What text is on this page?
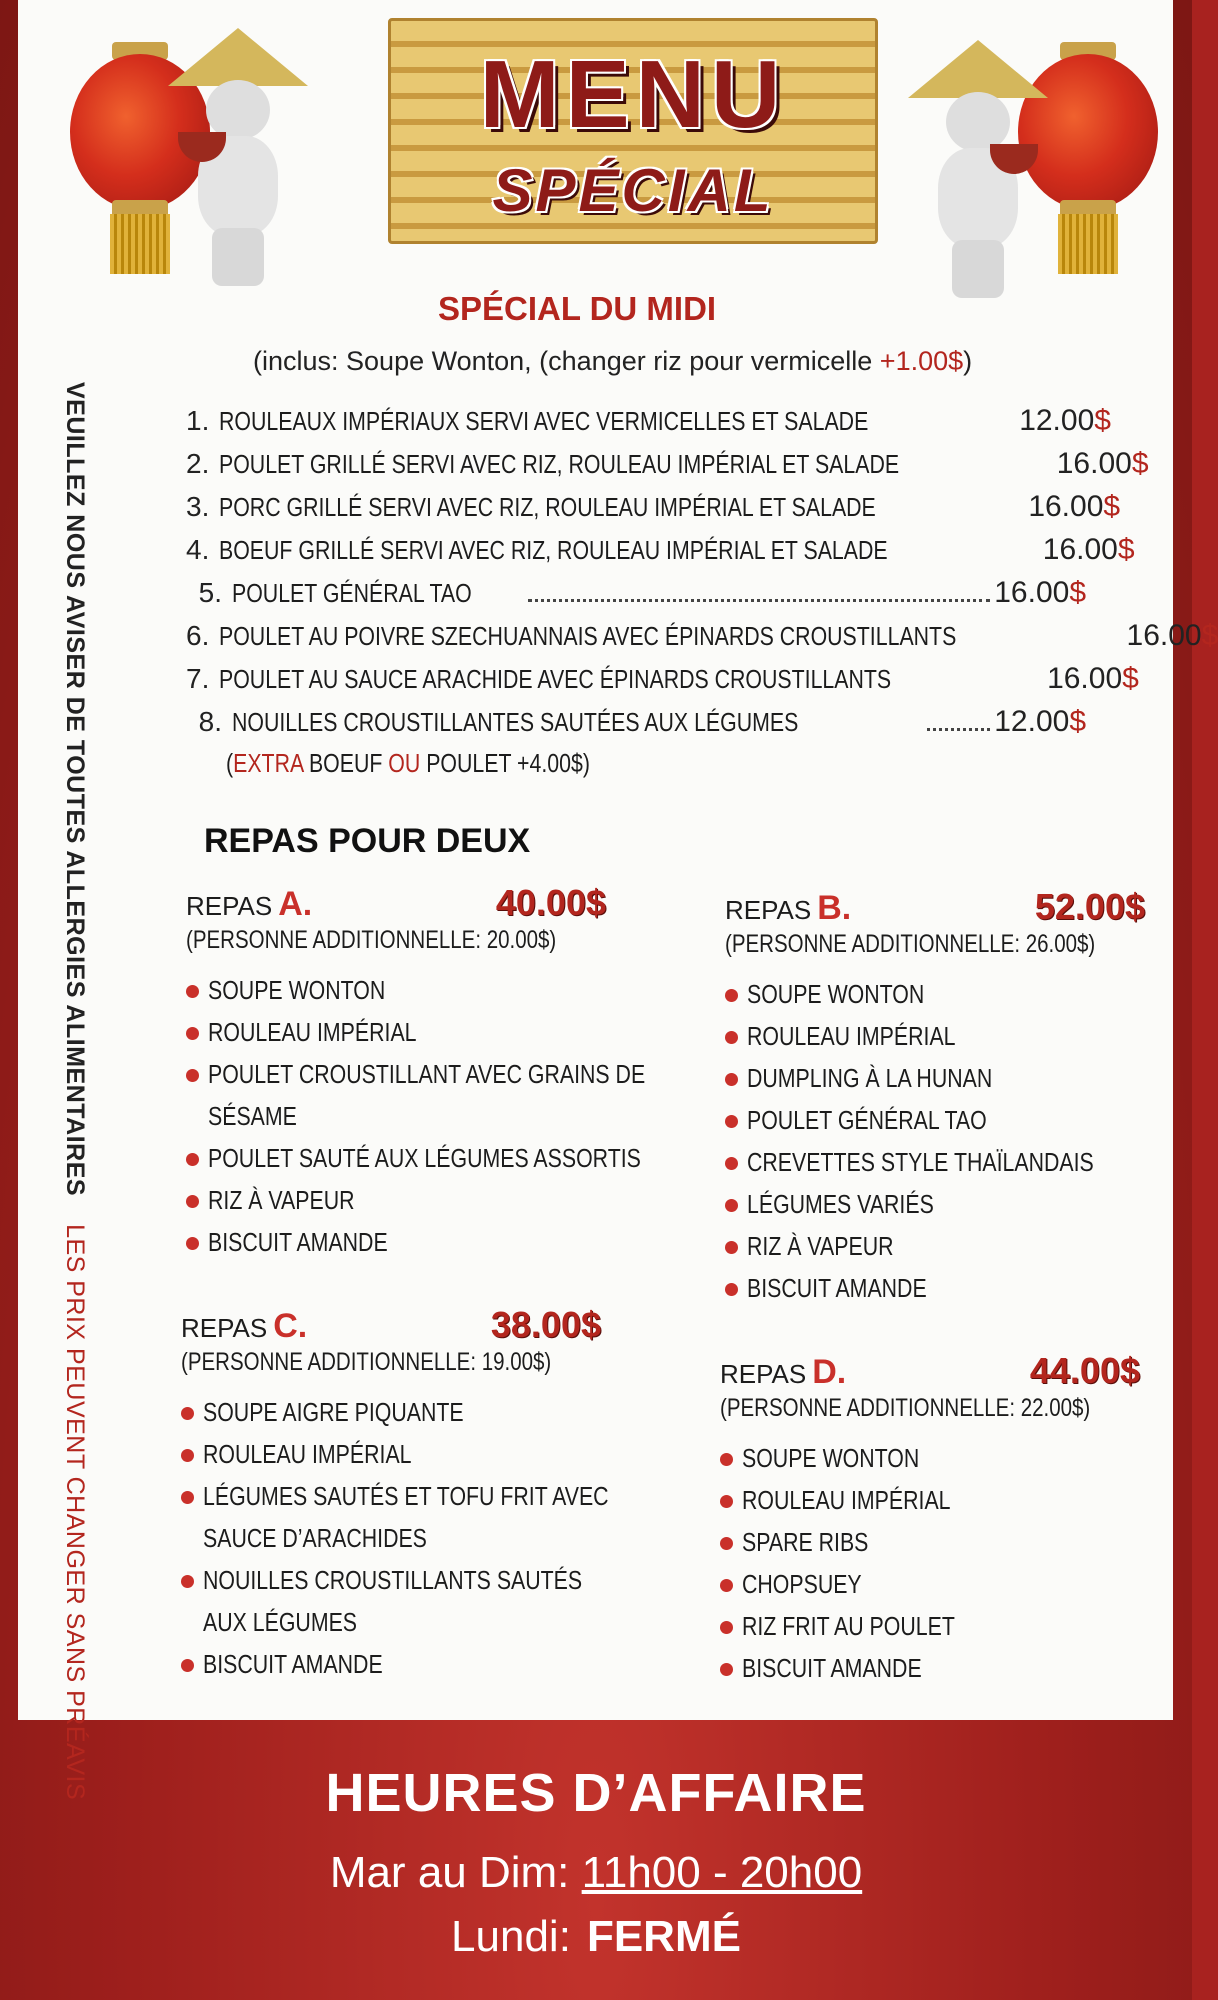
MENU
SPÉCIAL
VEUILLEZ NOUS AVISER DE TOUTES ALLERGIES ALIMENTAIRESLES PRIX PEUVENT CHANGER SANS PRÉAVIS
SPÉCIAL DU MIDI
(inclus: Soupe Wonton, (changer riz pour vermicelle +1.00$)
1. ROULEAUX IMPÉRIAUX SERVI AVEC VERMICELLES ET SALADE	12.00$
2. POULET GRILLÉ SERVI AVEC RIZ, ROULEAU IMPÉRIAL ET SALADE	16.00$
3. PORC GRILLÉ SERVI AVEC RIZ, ROULEAU IMPÉRIAL ET SALADE	16.00$
4. BOEUF GRILLÉ SERVI AVEC RIZ, ROULEAU IMPÉRIAL ET SALADE	16.00$
5. POULET GÉNÉRAL TAO	16.00$
6. POULET AU POIVRE SZECHUANNAIS AVEC ÉPINARDS CROUSTILLANTS	16.00$
7. POULET AU SAUCE ARACHIDE AVEC ÉPINARDS CROUSTILLANTS	16.00$
8. NOUILLES CROUSTILLANTES SAUTÉES AUX LÉGUMES	12.00$
(EXTRA BOEUF OU POULET +4.00$)
REPAS POUR DEUX
REPAS A.	40.00$
(PERSONNE ADDITIONNELLE: 20.00$)
SOUPE WONTON
ROULEAU IMPÉRIAL
POULET CROUSTILLANT AVEC GRAINS DE
SÉSAME
POULET SAUTÉ AUX LÉGUMES ASSORTIS
RIZ À VAPEUR
BISCUIT AMANDE
REPAS B.	52.00$
(PERSONNE ADDITIONNELLE: 26.00$)
SOUPE WONTON
ROULEAU IMPÉRIAL
DUMPLING À LA HUNAN
POULET GÉNÉRAL TAO
CREVETTES STYLE THAÏLANDAIS
LÉGUMES VARIÉS
RIZ À VAPEUR
BISCUIT AMANDE
REPAS C.	38.00$
(PERSONNE ADDITIONNELLE: 19.00$)
SOUPE AIGRE PIQUANTE
ROULEAU IMPÉRIAL
LÉGUMES SAUTÉS ET TOFU FRIT AVEC
SAUCE D’ARACHIDES
NOUILLES CROUSTILLANTS SAUTÉS
AUX LÉGUMES
BISCUIT AMANDE
REPAS D.	44.00$
(PERSONNE ADDITIONNELLE: 22.00$)
SOUPE WONTON
ROULEAU IMPÉRIAL
SPARE RIBS
CHOPSUEY
RIZ FRIT AU POULET
BISCUIT AMANDE
HEURES D’AFFAIRE
Mar au Dim: 11h00 - 20h00
Lundi: FERMÉ
